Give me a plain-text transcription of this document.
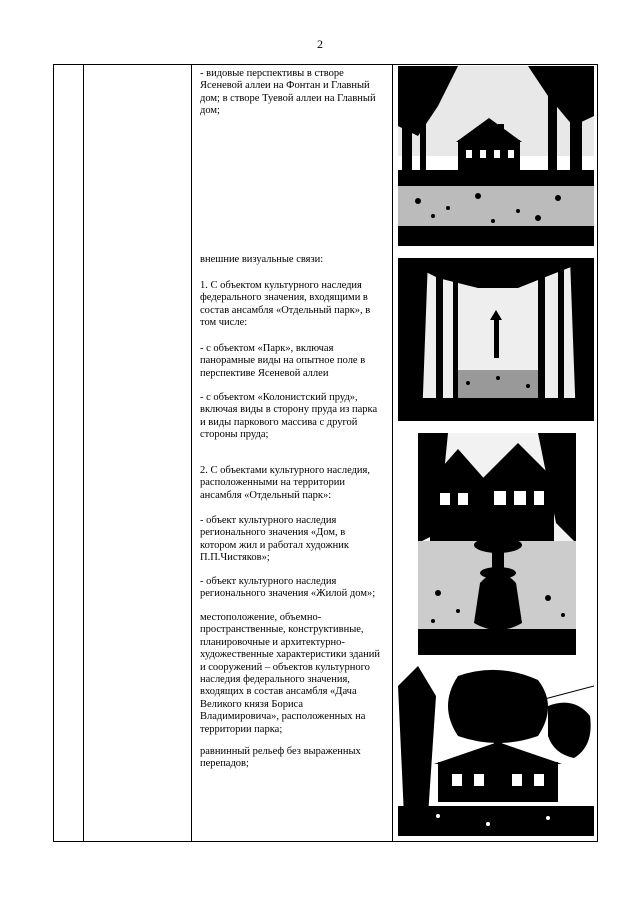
2
- видовые перспективы в створе
Ясеневой аллеи на Фонтан и Главный
дом; в створе Туевой аллеи на Главный
дом;
внешние визуальные связи:
1. С объектом культурного наследия
федерального значения, входящими в
состав ансамбля «Отдельный парк», в
том числе:
- с объектом «Парк», включая
панорамные виды на опытное поле в
перспективе Ясеневой аллеи
- с объектом «Колонистский пруд»,
включая виды в сторону пруда из парка
и виды паркового массива с другой
стороны пруда;
2. С объектами культурного наследия,
расположенными на территории
ансамбля «Отдельный парк»:
- объект культурного наследия
регионального значения «Дом, в
котором жил и работал художник
П.П.Чистяков»;
- объект культурного наследия
регионального значения «Жилой дом»;
местоположение, объемно-
пространственные, конструктивные,
планировочные и архитектурно-
художественные характеристики зданий
и сооружений – объектов культурного
наследия федерального значения,
входящих в состав ансамбля «Дача
Великого князя Бориса
Владимировича», расположенных на
территории парка;
равнинный рельеф без выраженных
перепадов;
